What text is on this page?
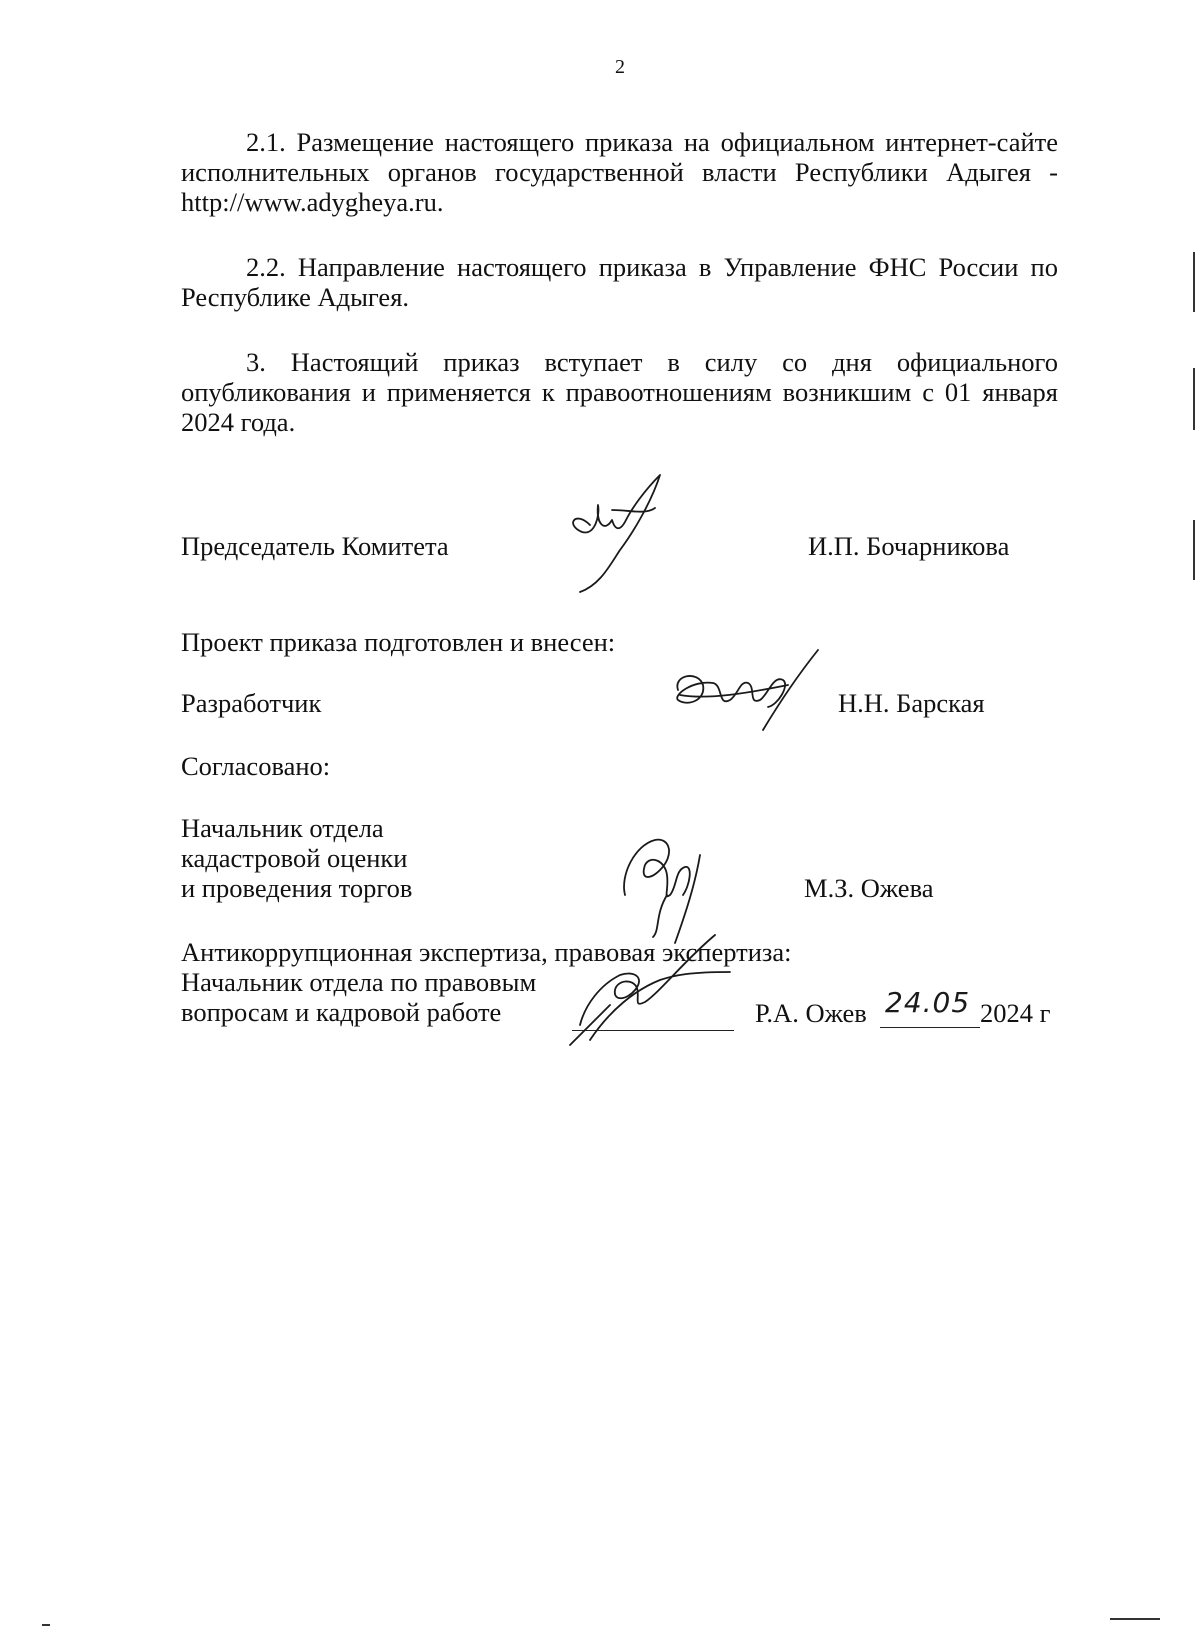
2

2.1. Размещение настоящего приказа на официальном интернет-сайте исполнительных органов государственной власти Республики Адыгея - http://www.adygheya.ru.

2.2. Направление настоящего приказа в Управление ФНС России по Республике Адыгея.

3. Настоящий приказ вступает в силу со дня официального опубликования и применяется к правоотношениям возникшим с 01 января 2024 года.

Председатель Комитета	И.П. Бочарникова
Проект приказа подготовлен и внесен:
Разработчик	Н.Н. Барская
Согласовано:
Начальник отдела
кадастровой оценки
и проведения торгов	М.З. Ожева
Антикоррупционная экспертиза, правовая экспертиза:
Начальник отдела по правовым
вопросам и кадровой работе	Р.А. Ожев 24.05 2024 г
